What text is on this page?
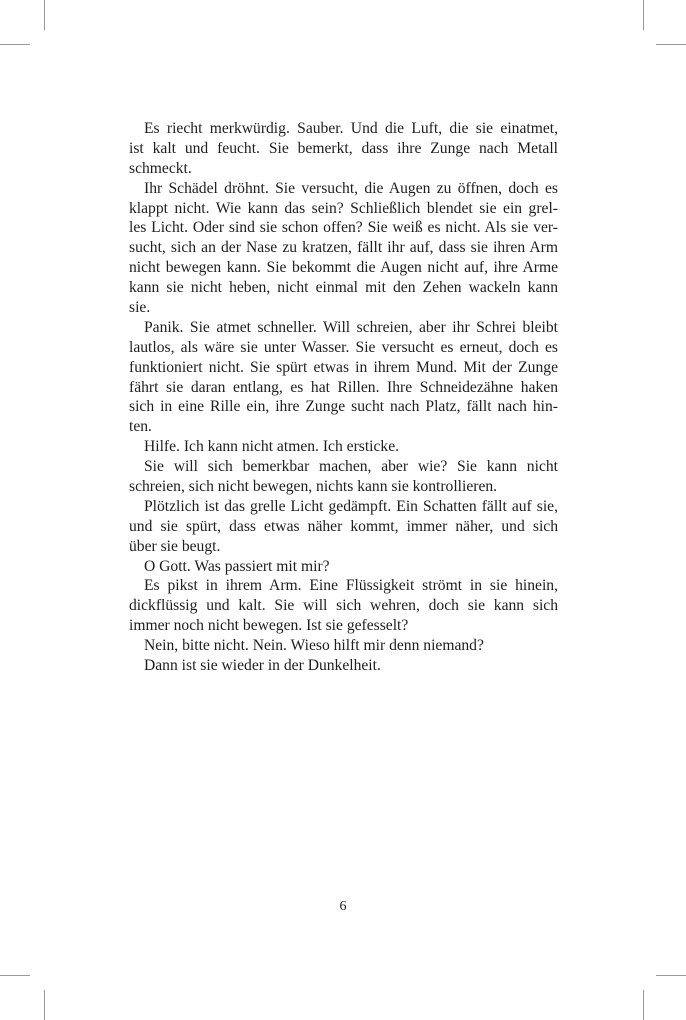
Es riecht merkwürdig. Sauber. Und die Luft, die sie einatmet,
ist kalt und feucht. Sie bemerkt, dass ihre Zunge nach Metall
schmeckt.
Ihr Schädel dröhnt. Sie versucht, die Augen zu öffnen, doch es
klappt nicht. Wie kann das sein? Schließlich blendet sie ein grel-
les Licht. Oder sind sie schon offen? Sie weiß es nicht. Als sie ver-
sucht, sich an der Nase zu kratzen, fällt ihr auf, dass sie ihren Arm
nicht bewegen kann. Sie bekommt die Augen nicht auf, ihre Arme
kann sie nicht heben, nicht einmal mit den Zehen wackeln kann
sie.
Panik. Sie atmet schneller. Will schreien, aber ihr Schrei bleibt
lautlos, als wäre sie unter Wasser. Sie versucht es erneut, doch es
funktioniert nicht. Sie spürt etwas in ihrem Mund. Mit der Zunge
fährt sie daran entlang, es hat Rillen. Ihre Schneidezähne haken
sich in eine Rille ein, ihre Zunge sucht nach Platz, fällt nach hin-
ten.
Hilfe. Ich kann nicht atmen. Ich ersticke.
Sie will sich bemerkbar machen, aber wie? Sie kann nicht
schreien, sich nicht bewegen, nichts kann sie kontrollieren.
Plötzlich ist das grelle Licht gedämpft. Ein Schatten fällt auf sie,
und sie spürt, dass etwas näher kommt, immer näher, und sich
über sie beugt.
O Gott. Was passiert mit mir?
Es pikst in ihrem Arm. Eine Flüssigkeit strömt in sie hinein,
dickflüssig und kalt. Sie will sich wehren, doch sie kann sich
immer noch nicht bewegen. Ist sie gefesselt?
Nein, bitte nicht. Nein. Wieso hilft mir denn niemand?
Dann ist sie wieder in der Dunkelheit.
6
